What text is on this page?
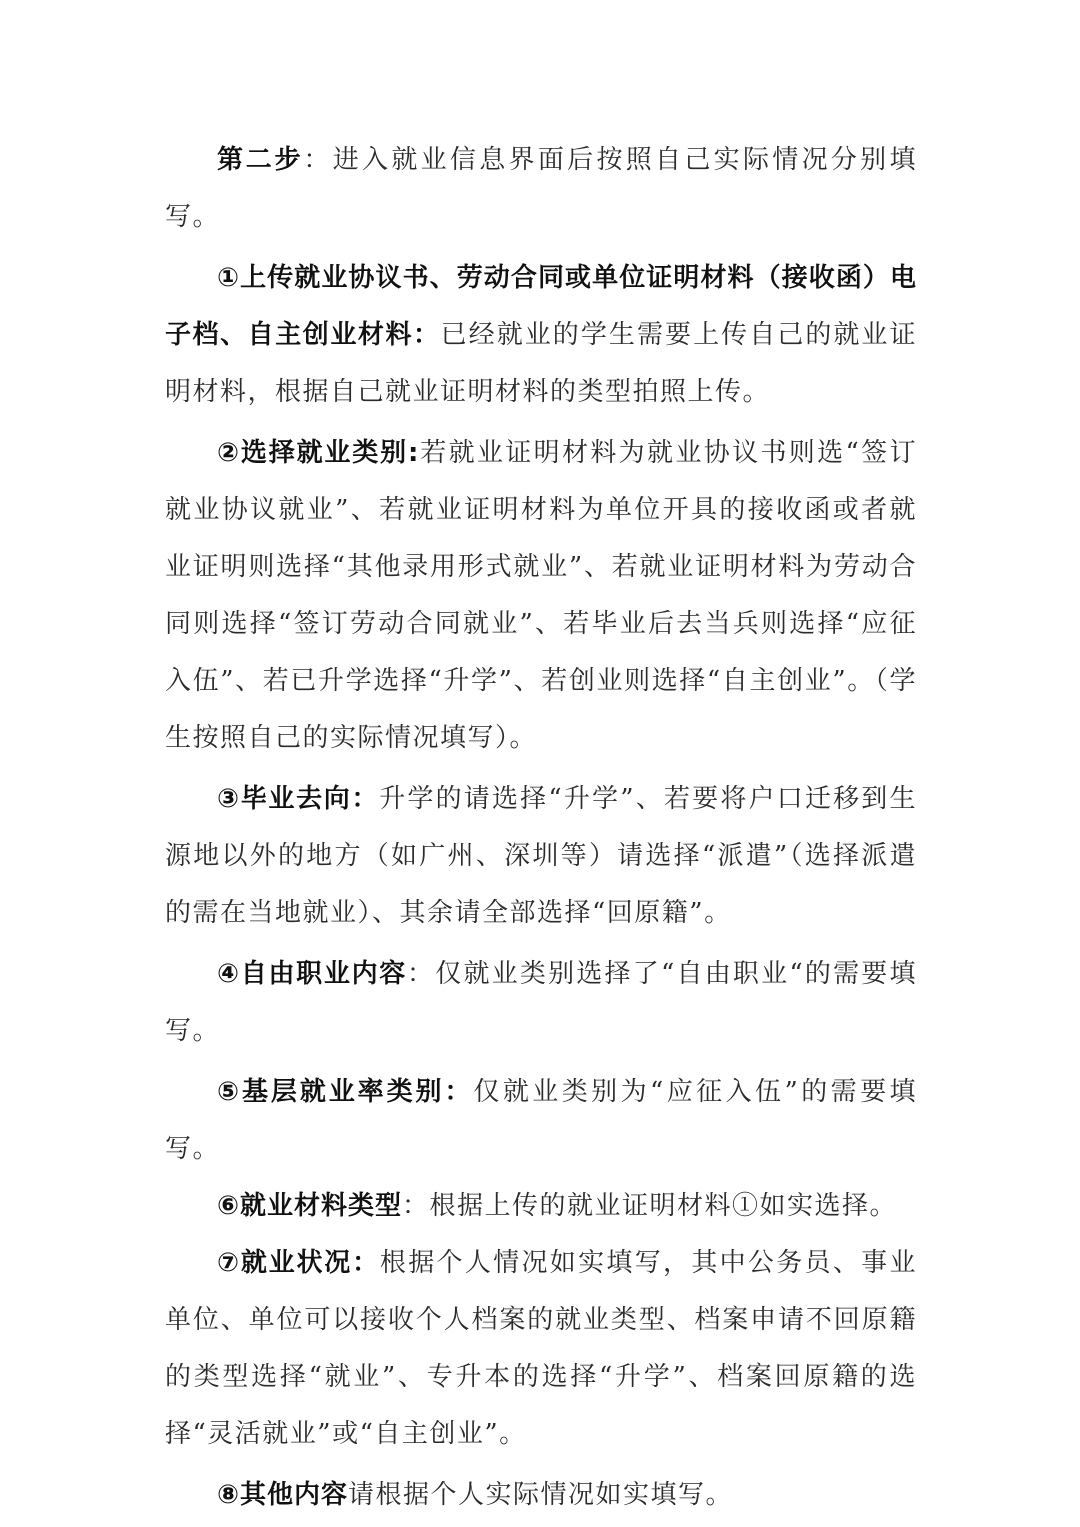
第二步：进入就业信息界面后按照自己实际情况分别填写。

①上传就业协议书、劳动合同或单位证明材料（接收函）电子档、自主创业材料：已经就业的学生需要上传自己的就业证明材料，根据自己就业证明材料的类型拍照上传。

②选择就业类别:若就业证明材料为就业协议书则选“签订就业协议就业”、若就业证明材料为单位开具的接收函或者就业证明则选择“其他录用形式就业”、若就业证明材料为劳动合同则选择“签订劳动合同就业”、若毕业后去当兵则选择“应征入伍”、若已升学选择“升学”、若创业则选择“自主创业”。（学生按照自己的实际情况填写）。

③毕业去向：升学的请选择“升学”、若要将户口迁移到生源地以外的地方（如广州、深圳等）请选择“派遣”（选择派遣的需在当地就业）、其余请全部选择“回原籍”。

④自由职业内容：仅就业类别选择了“自由职业“的需要填写。

⑤基层就业率类别：仅就业类别为“应征入伍”的需要填写。

⑥就业材料类型：根据上传的就业证明材料①如实选择。

⑦就业状况：根据个人情况如实填写，其中公务员、事业单位、单位可以接收个人档案的就业类型、档案申请不回原籍的类型选择“就业”、专升本的选择“升学”、档案回原籍的选择“灵活就业”或“自主创业”。

⑧其他内容请根据个人实际情况如实填写。
